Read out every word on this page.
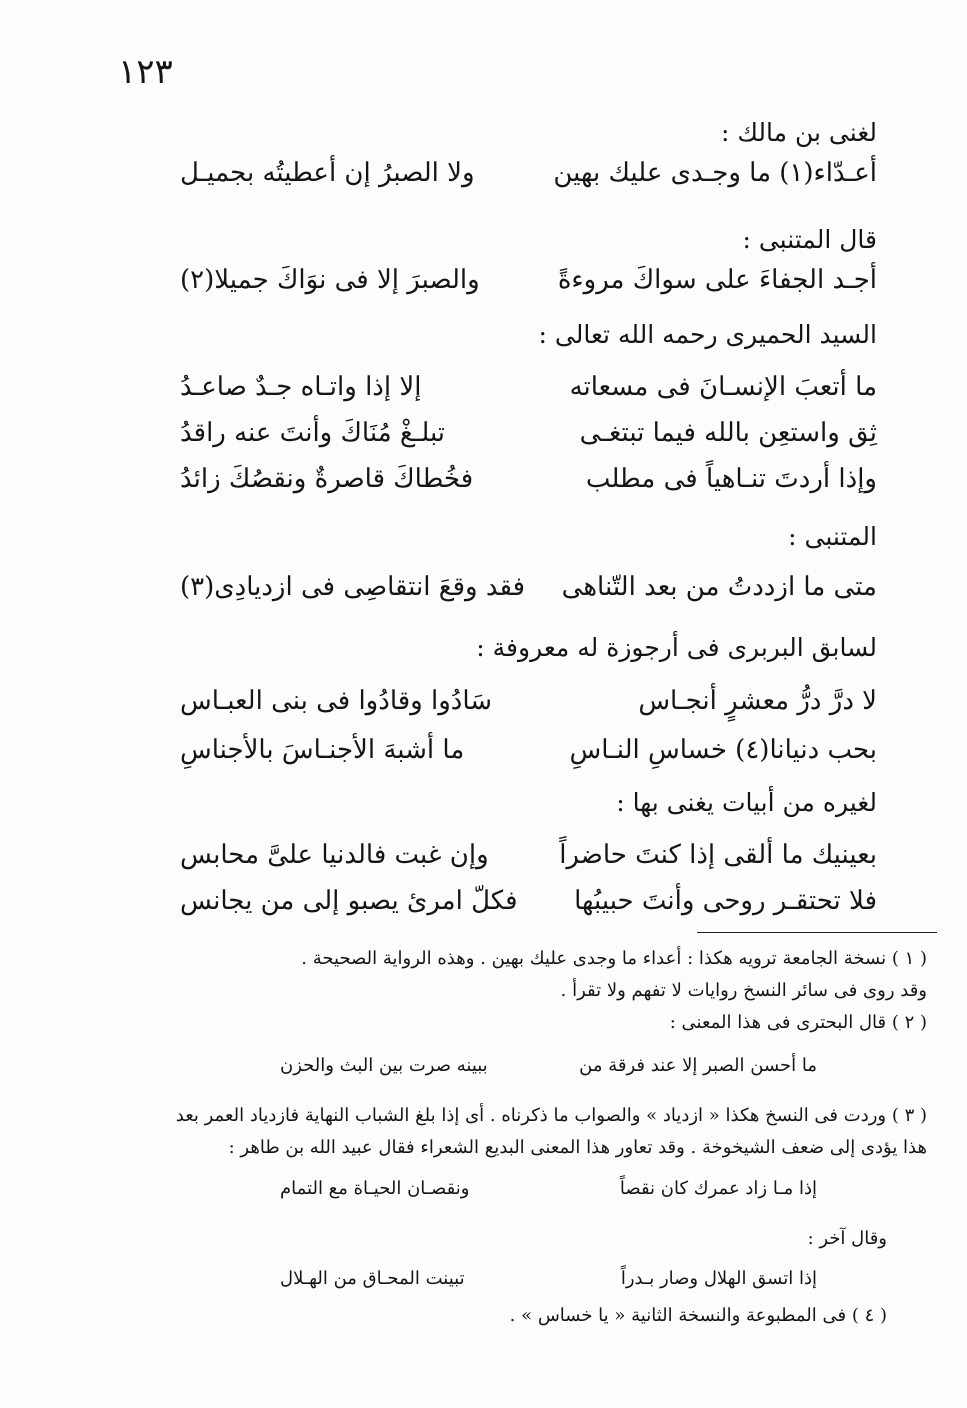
١٢٣
لغنى بن مالك :
أعـدّاء(١) ما وجـدى عليك بهين
ولا الصبرُ إن أعطيتُه بجميـل
قال المتنبى :
أجـد الجفاءَ على سواكَ مروءةً
والصبرَ إلا فى نوَاكَ جميلا(٢)
السيد الحميرى رحمه الله تعالى :
ما أتعبَ الإنسـانَ فى مسعاته
إلا إذا واتـاه جـدٌ صاعـدُ
ثِق واستعِن بالله فيما تبتغـى
تبلـغْ مُنَاكَ وأنتَ عنه راقدُ
وإذا أردتَ تنـاهياً فى مطلب
فخُطاكَ قاصرةٌ ونقصُكَ زائدُ
المتنبى :
متى ما ازددتُ من بعد التّناهى
فقد وقعَ انتقاصِى فى ازديادِى(٣)
لسابق البربرى فى أرجوزة له معروفة :
لا درَّ درُّ معشرٍ أنجـاس
سَادُوا وقادُوا فى بنى العبـاس
بحب دنيانا(٤) خساسِ النـاسِ
ما أشبهَ الأجنـاسَ بالأجناسِ
لغيره من أبيات يغنى بها :
بعينيك ما ألقى إذا كنتَ حاضراً
وإن غبت فالدنيا علىَّ محابس
فلا تحتقـر روحى وأنتَ حبيبُها
فكلّ امرئ يصبو إلى من يجانس
( ١ ) نسخة الجامعة ترويه هكذا : أعداء ما وجدى عليك بهين . وهذه الرواية الصحيحة .
وقد روى فى سائر النسخ روايات لا تفهم ولا تقرأ .
( ٢ ) قال البحترى فى هذا المعنى :
ما أحسن الصبر إلا عند فرقة من
ببينه صرت بين البث والحزن
( ٣ ) وردت فى النسخ هكذا « ازدياد » والصواب ما ذكرناه . أى إذا بلغ الشباب النهاية فازدياد العمر بعد
هذا يؤدى إلى ضعف الشيخوخة . وقد تعاور هذا المعنى البديع الشعراء فقال عبيد الله بن طاهر :
إذا مـا زاد عمرك كان نقصاً
ونقصـان الحيـاة مع التمام
وقال آخر :
إذا اتسق الهلال وصار بـدراً
تبينت المحـاق من الهـلال
( ٤ ) فى المطبوعة والنسخة الثانية « يا خساس » .
